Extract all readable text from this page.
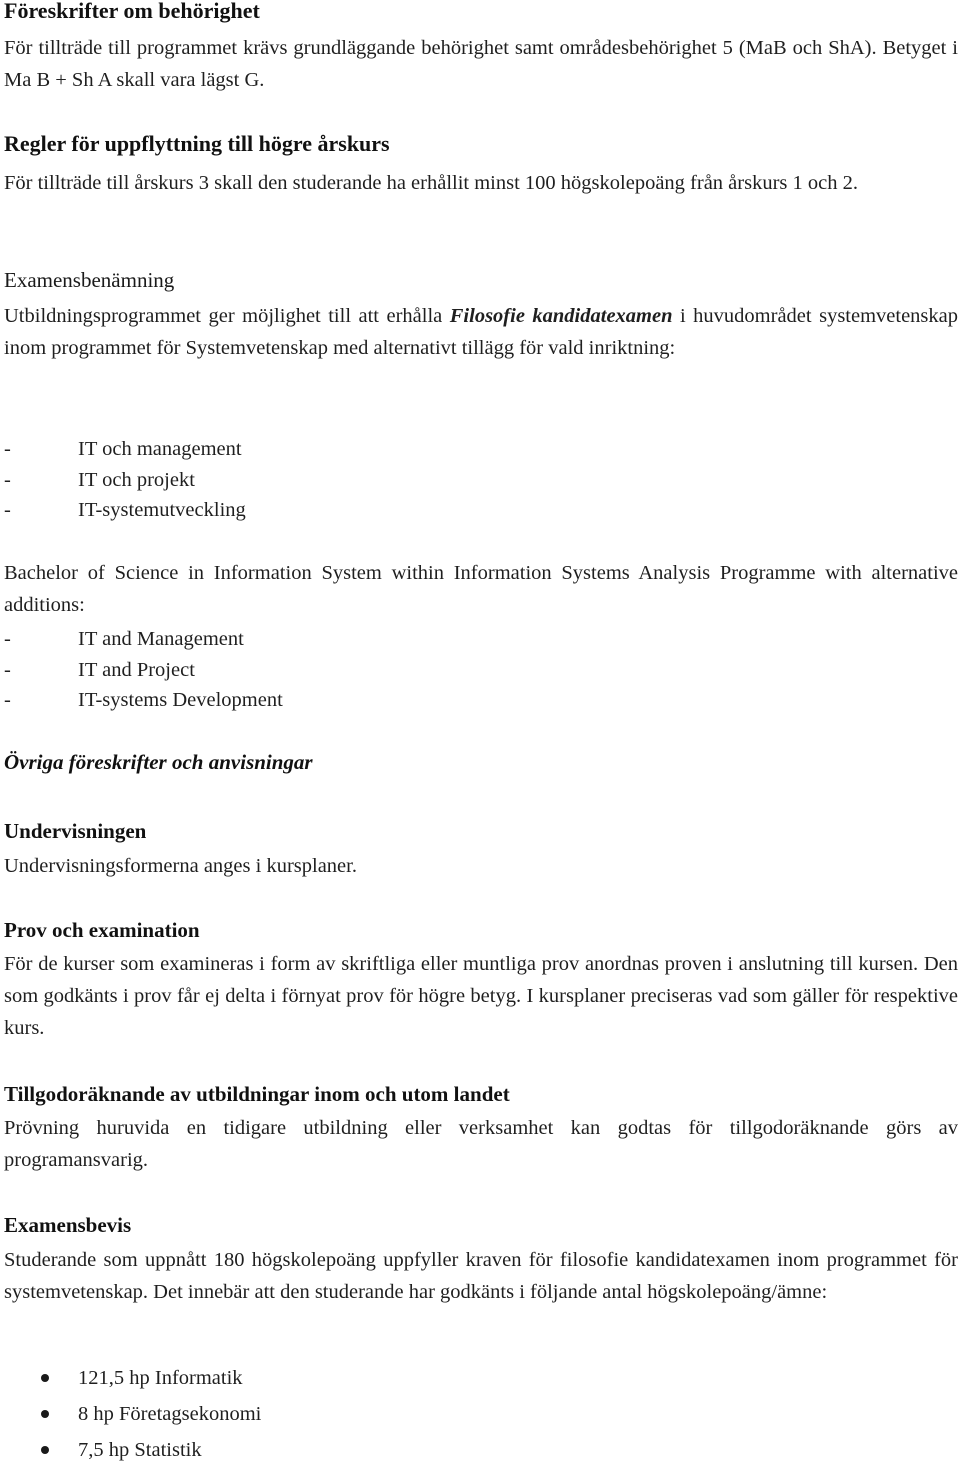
Föreskrifter om behörighet

För tillträde till programmet krävs grundläggande behörighet samt områdesbehörighet 5 (MaB och ShA). Betyget i Ma B + Sh A skall vara lägst G.

Regler för uppflyttning till högre årskurs

För tillträde till årskurs 3 skall den studerande ha erhållit minst 100 högskolepoäng från årskurs 1 och 2.

Examensbenämning

Utbildningsprogrammet ger möjlighet till att erhålla Filosofie kandidatexamen i huvudområdet systemvetenskap inom programmet för Systemvetenskap med alternativt tillägg för vald inriktning:

-	IT och management
-	IT och projekt
-	IT-systemutveckling

Bachelor of Science in Information System within Information Systems Analysis Programme with alternative additions:

-	IT and Management
-	IT and Project
-	IT-systems Development
Övriga föreskrifter och anvisningar
Undervisningen

Undervisningsformerna anges i kursplaner.

Prov och examination

För de kurser som examineras i form av skriftliga eller muntliga prov anordnas proven i anslutning till kursen. Den som godkänts i prov får ej delta i förnyat prov för högre betyg. I kursplaner preciseras vad som gäller för respektive kurs.

Tillgodoräknande av utbildningar inom och utom landet

Prövning huruvida en tidigare utbildning eller verksamhet kan godtas för tillgodoräknande görs av programansvarig.

Examensbevis

Studerande som uppnått 180 högskolepoäng uppfyller kraven för filosofie kandidatexamen inom programmet för systemvetenskap. Det innebär att den studerande har godkänts i följande antal högskolepoäng/ämne:

121,5 hp Informatik
8 hp Företagsekonomi
7,5 hp Statistik
